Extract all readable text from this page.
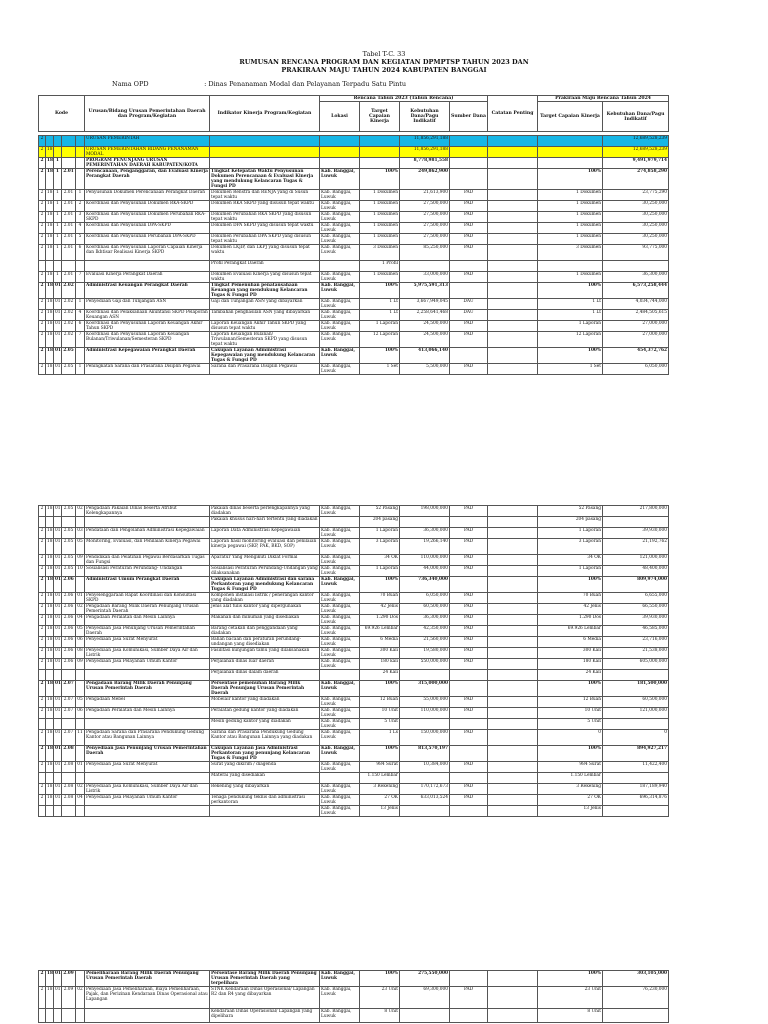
Tabel T-C. 33
RUMUSAN RENCANA PROGRAM DAN KEGIATAN DPMPTSP TAHUN 2023 DAN
PRAKIRAAN MAJU TAHUN 2024 KABUPATEN BANGGAI
Nama OPD	: Dinas Penanaman Modal dan Pelayanan Terpadu Satu Pintu
Kode					Urusan/Bidang Urusan Pemerintahan Daerah dan Program/Kegiatan	Indikator Kinerja Program/Kegiatan	Rencana Tahun 2023 (Tahun Rencana)				Catatan Penting	Prakiraan Maju Rencana Tahun 2024	
							Lokasi	Target Capaian Kinerja	Kebutuhan Dana/Pagu Indikatif	Sumber Dana		Target Capaian Kinerja	Kebutuhan Dana/Pagu Indikatif

2					URUSAN PEMERINTAH				11,856,291,188				12,689,528,239
2	18				URUSAN PEMERINTAHAN BIDANG PENANAMAN MODAL				11,856,291,188				12,689,528,239
2	18	1			PROGRAM PENUNJANG URUSAN PEMERINTAHAN DAERAH KABUPATEN/KOTA				8,778,981,558				9,491,979,714
2	18	1	2.01		Perencanaan, Penganggaran, dan Evaluasi Kinerja Perangkat Daerah	Tingkat Ketepatan Waktu Penyusunan Dokumen Perencanaan & Evaluasi Kinerja yang mendukung Kelancaran Tugas & Fungsi PD	Kab. Banggai, Luwuk	100%	249,862,900			100%	274,858,290
2	18	1	2.01	1	Penyusunan Dokumen Perencanaan Perangkat Daerah	Dokumen Renstra dan RENJA yang di Susun tepat waktu	Kab. Banggai, Luwuk	1 Dokumen	21,613,900	PAD		1 Dokumen	23,775,290
2	18	1	2.01	2	Koordinasi dan Penyusunan Dokumen RKA-SKPD	Dokumen RKA SKPD yang disusun tepat waktu	Kab. Banggai, Luwuk	1 Dokumen	27,500,000	PAD		1 Dokumen	30,250,000
2	18	1	2.01	3	Koordinasi dan Penyusunan Dokumen Perubahan RKA-SKPD	Dokumen Perubahan RKA SKPD yang disusun tepat waktu	Kab. Banggai, Luwuk	1 Dokumen	27,500,000	PAD		1 Dokumen	30,250,000
2	18	1	2.01	4	Koordinasi dan Penyusunan DPA-SKPD	Dokumen DPA SKPD yang disusun tepat waktu	Kab. Banggai, Luwuk	1 Dokumen	27,500,000	PAD		1 Dokumen	30,250,000
2	18	1	2.01	5	Koordinasi dan Penyusunan Perubahan DPA-SKPD	Dokumen Perubahan DPA SKPD yang disusun tepat waktu	Kab. Banggai, Luwuk	1 Dokumen	27,500,000	PAD		1 Dokumen	30,250,000
2	18	1	2.01	6	Koordinasi dan Penyusunan Laporan Capaian Kinerja dan Ikhtisar Realisasi Kinerja SKPD	Dokumen LKjIP, dan LKPJ yang disusun tepat waktu	Kab. Banggai, Luwuk	3 Dokumen	85,250,000	PAD		3 Dokumen	93,775,000
						Profil Perangkat Daerah		1 Profil					
2	18	1	2.01	7	Evaluasi Kinerja Perangkat Daerah	Dokumen Evaluasi Kinerja yang disusun tepat waktu	Kab. Banggai, Luwuk	1 Dokumen	33,000,000	PAD		1 Dokumen	36,300,000
2	18	01	2.02		Administrasi Keuangan Perangkat Daerah	Tingkat Pemenuhan penatausahaan Keuangan yang mendukung Kelancaran Tugas & Fungsi PD	Kab. Banggai, Luwuk	100%	5,975,591,313			100%	6,573,258,444
2	18	01	2.02	1	Penyediaan Gaji dan Tunjangan ASN	Gaji dan Tunjangan ASN yang dibayarkan	Kab. Banggai, Luwuk	1 Lt	3,667,949,045	DAU		1 Lt	4,034,744,000
2	18	01	2.02	4	Koordinasi dan Pelaksanaan Akuntansi SKPD Pelaporan Keuangan ASN	Tambahan penghasilan ASN yang dibayarkan	Kab. Banggai, Luwuk	1 Lt	2,258,641,468	DAU		1 Lt	2,484,505,615
2	18	01	2.02	6	Koordinasi dan Penyusunan Laporan Keuangan Akhir Tahun SKPD	Laporan Keuangan Akhir Tahun SKPD yang disusun tepat waktu	Kab. Banggai, Luwuk	1 Laporan	24,500,000	PAD		1 Laporan	27,000,000
2	18	01	2.02	7	Koordinasi dan Penyusunan Laporan Keuangan Bulanan/Triwulanan/Semesteran SKPD	Laporan Keuangan Bulanan/ Triwulanan/Semesteran SKPD yang disusun tepat waktu	Kab. Banggai, Luwuk	12 Laporan	24,500,000	PAD		12 Laporan	27,000,000
2	18	01	2.05		Administrasi Kepegawaian Perangkat Daerah	Cakupan Layanan Administrasi Kepegawaian yang mendukung Kelancaran Tugas & Fungsi PD	Kab. Banggai, Luwuk	100%	413,066,140			100%	454,372,762
2	18	01	2.05	1	Peningkatan Sarana dan Prasarana Disiplin Pegawai	Sarana dan Prasarana Disiplin Pegawai	Kab. Banggai, Luwuk	1 Set	5,500,000	PAD		1 Set	6,050,000
2	18	01	2.05	02	Pengadaan Pakaian Dinas beserta Atribut Kelengkapannya	Pakaian dinas beserta perlengkapannya yang diadakan	Kab. Banggai, Luwuk	52 Pasang	198,000,000	PAD		52 Pasang	217,800,000
						Pakaian khusus hari-hari tertentu yang diadakan		204 pasang				204 pasang	
2	18	01	2.05	03	Pendataan dan Pengolahan Administrasi Kepegawaian	Laporan Data Administrasi Kepegawaian	Kab. Banggai, Luwuk	1 Laporan	36,300,000	PAD		1 Laporan	39,930,000
2	18	01	2.05	05	Monitoring, Evaluasi, dan Penilaian Kinerja Pegawai	Laporan hasil monitoring evaluasi dan penilaian kinerja pegawai (SKP, PAK, BKD, SOP)	Kab. Banggai, Luwuk	3 Laporan	19,266,140	PAD		3 Laporan	21,192,762
2	18	01	2.05	09	Pendidikan dan Pelatihan Pegawai Berdasarkan Tugas dan Fungsi	Aparatur Yang Mengikuti Diklat Formal	Kab. Banggai, Luwuk	34 OK	110,000,000	PAD		34 OK	121,000,000
2	18	01	2.05	10	Sosialisasi Peraturan Perundang- Undangan	Sosialisasi Peraturan Perundang-Undangan yang dilaksanakan	Kab. Banggai, Luwuk	1 Laporan	44,000,000	PAD		1 Laporan	48,400,000
2	18	01	2.06		Administrasi Umum Perangkat Daerah	Cakupan Layanan Administrasi dan sarana Perkantoran yang mendukung Kelancaran Tugas & Fungsi PD	Kab. Banggai, Luwuk	100%	736,340,000			100%	809,974,000
2	18	01	2.06	01	Penyelenggaraan Rapat Koordinasi dan Konsultasi SKPD	Komponen instalasi listrik / penerangan kantor yang diadakan	Kab. Banggai, Luwuk	70 Buah	6,050,000	PAD		70 Buah	6,655,000
2	18	01	2.06	02	Pengadaan Barang Milik Daerah Penunjang Urusan Pemerintah Daerah	Jenis alat tulis kantor yang dipergunakan	Kab. Banggai, Luwuk	42 Jenis	60,500,000	PAD		42 Jenis	66,550,000
2	18	01	2.06	04	Pengadaan Peralatan dan Mesin Lainnya	Makanan dan minuman yang disediakan	Kab. Banggai, Luwuk	1.290 Dos	36,300,000	PAD		1.290 Dos	39,930,000
2	18	01	2.06	05	Penyediaan Jasa Penunjang Urusan Pemerintahan Daerah	Barang cetakan dan penggandaan yang diadakan	Kab. Banggai, Luwuk	69.926 Lembar	42,350,000	PAD		69.926 Lembar	46,585,000
2	18	01	2.06	06	Penyediaan Jasa Surat Menyurat	Bahan bacaan dan peraturan perundang-undangan yang disediakan	Kab. Banggai, Luwuk	6 Media	21,560,000	PAD		6 Media	23,716,000
2	18	01	2.06	08	Penyediaan Jasa Komunikasi, Sumber Daya Air dan Listrik	Fasilitasi kunjungan tamu yang dilaksanakan	Kab. Banggai, Luwuk	300 Kali	19,580,000	PAD		300 Kali	21,538,000
2	18	01	2.06	09	Penyediaan Jasa Pelayanan Umum Kantor	Perjalanan dinas luar daerah	Kab. Banggai, Luwuk	180 kali	550,000,000	PAD		180 Kali	605,000,000
						Perjalanan dinas dalam daerah		24 Kali				24 Kali	
2	18	01	2.07		Pengadaan Barang Milik Daerah Penunjang Urusan Pemerintah Daerah	Persentase pemenuhan Barang Milik Daerah Penunjang Urusan Pemerintah Daerah	Kab. Banggai, Luwuk	100%	315,000,000			100%	181,500,000
2	18	01	2.07	05	Pengadaan Mebel	Mobelair kantor yang diadakan	Kab. Banggai, Luwuk	12 Buah	55,000,000	PAD		12 Buah	60,500,000
2	18	01	2.07	06	Pengadaan Peralatan dan Mesin Lainnya	Peralatan gedung kantor yang diadakan	Kab. Banggai, Luwuk	10 Unit	110,000,000	PAD		10 Unit	121,000,000
						Mesin gedung kantor yang diadakan	Kab. Banggai, Luwuk	5 Unit				5 Unit	
2	18	01	2.07	11	Pengadaan Sarana dan Prasarana Pendukung Gedung Kantor atau Bangunan Lainnya	Sarana dan Prasarana Pendukung Gedung Kantor atau Bangunan Lainnya yang diadakan	Kab. Banggai, Luwuk	1 Ls	150,000,000	PAD		0	0
2	18	01	2.08		Penyediaan Jasa Penunjang Urusan Pemerintahan Daerah	Cakupan Layanan Jasa Administrasi Perkantoran yang penunjang Kelancaran Tugas & Fungsi PD	Kab. Banggai, Luwuk	100%	813,570,197			100%	894,927,217
2	18	01	2.08	01	Penyediaan Jasa Surat Menyurat	Surat yang dikirim / diagenda	Kab. Banggai, Luwuk	984 Surat	10,384,000	PAD		984 Surat	11,422,400
						Materai yang disediakan		1.150 Lembar				1.150 Lembar	
2	18	01	2.08	02	Penyediaan Jasa Komunikasi, Sumber Daya Air dan Listrik	Rekening yang dibayarkan	Kab. Banggai, Luwuk	3 Rekening	170,172,673	PAD		3 Rekening	187,189,940
2	18	01	2.08	04	Penyediaan Jasa Pelayanan Umum Kantor	Tenaga pendukung teknis dan administrasi perkantoran	Kab. Banggai, Luwuk	27 OK	633,013,524	PAD		27 OK	696,314,876
							Kab. Banggai, Luwuk	13 Jenis				13 Jenis	
2	18	01	2.09		Pemeliharaan Barang Milik Daerah Penunjang Urusan Pemerintah Daerah	Persentase Barang Milik Daerah Penunjang Urusan Pemerintah Daerah yang terpelihara	Kab. Banggai, Luwuk	100%	275,550,000			100%	303,105,000
2	18	01	2.09	02	Penyediaan Jasa Pemeliharaan, Biaya Pemeliharaan, Pajak, dan Perizinan Kendaraan Dinas Operasional atau Lapangan	STNK Kendaraan Dinas Operasional/ Lapangan R2 dan R4 yang dibayarkan	Kab. Banggai, Luwuk	23 Unit	69,300,000	PAD		23 Unit	76,230,000
						Kendaraan Dinas Operasional/ Lapangan yang dipelihara	Kab. Banggai, Luwuk	8 Unit				8 Unit	
